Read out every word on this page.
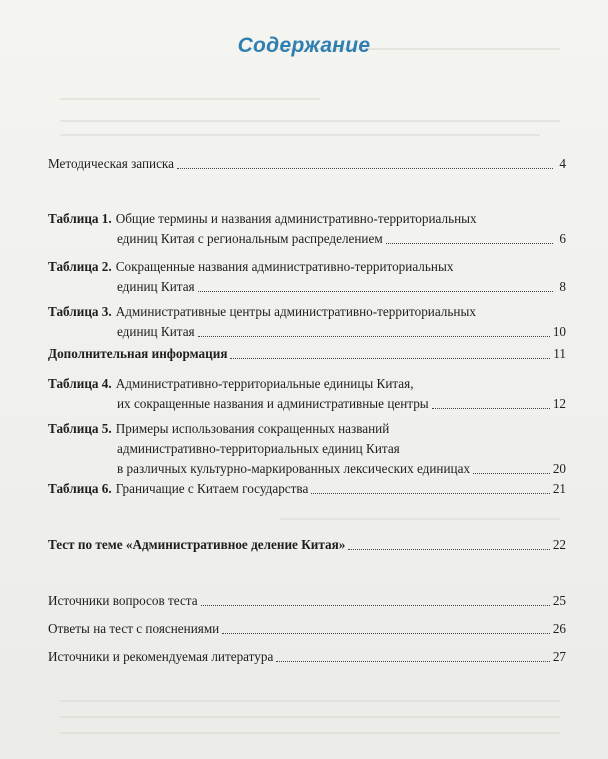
Содержание
Методическая записка	4
Таблица 1. Общие термины и названия административно-территориальных
единиц Китая с региональным распределением	6
Таблица 2. Сокращенные названия административно-территориальных
единиц Китая	8
Таблица 3. Административные центры административно-территориальных
единиц Китая	10
Дополнительная информация	11
Таблица 4. Административно-территориальные единицы Китая,
их сокращенные названия и административные центры	12
Таблица 5. Примеры использования сокращенных названий
административно-территориальных единиц Китая
в различных культурно-маркированных лексических единицах	20
Таблица 6. Граничащие с Китаем государства	21
Тест по теме «Административное деление Китая»	22
Источники вопросов теста	25
Ответы на тест с пояснениями	26
Источники и рекомендуемая литература	27
